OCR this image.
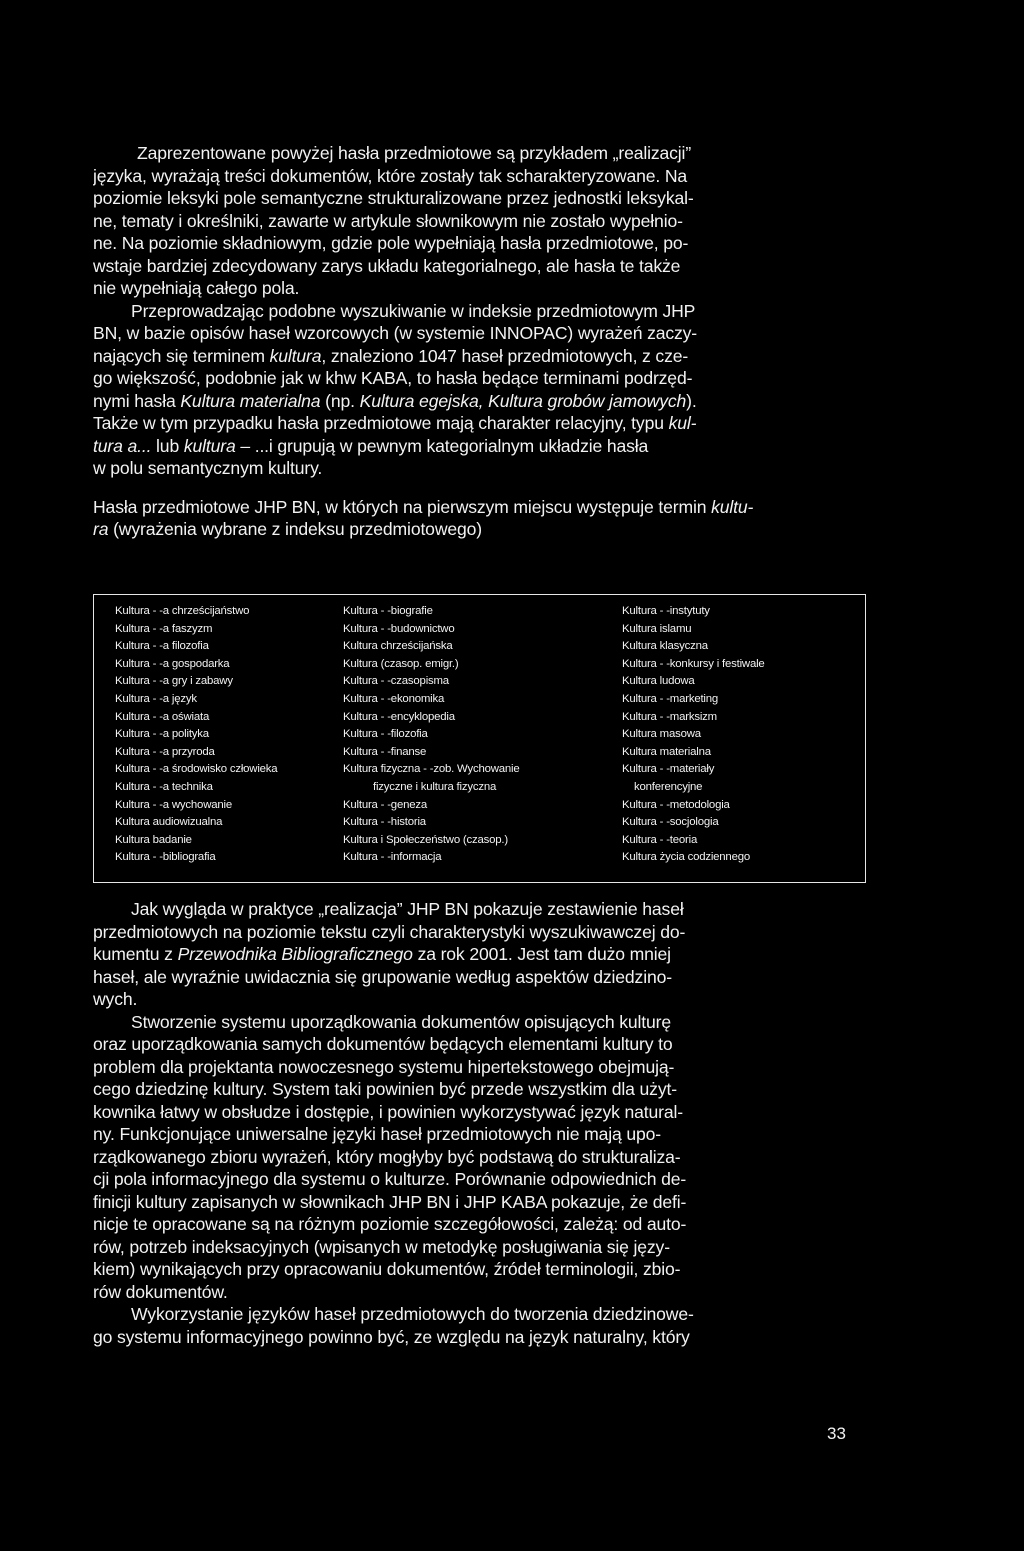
Zaprezentowane powyżej hasła przedmiotowe są przykładem „realizacji”
języka, wyrażają treści dokumentów, które zostały tak scharakteryzowane. Na
poziomie leksyki pole semantyczne strukturalizowane przez jednostki leksykal-
ne, tematy i określniki, zawarte w artykule słownikowym nie zostało wypełnio-
ne. Na poziomie składniowym, gdzie pole wypełniają hasła przedmiotowe, po-
wstaje bardziej zdecydowany zarys układu kategorialnego, ale hasła te także
nie wypełniają całego pola.

Przeprowadzając podobne wyszukiwanie w indeksie przedmiotowym JHP
BN, w bazie opisów haseł wzorcowych (w systemie INNOPAC) wyrażeń zaczy-
nających się terminem kultura, znaleziono 1047 haseł przedmiotowych, z cze-
go większość, podobnie jak w khw KABA, to hasła będące terminami podrzęd-
nymi hasła Kultura materialna (np. Kultura egejska, Kultura grobów jamowych).
Także w tym przypadku hasła przedmiotowe mają charakter relacyjny, typu kul-
tura a... lub kultura – ...i grupują w pewnym kategorialnym układzie hasła
w polu semantycznym kultury.

Hasła przedmiotowe JHP BN, w których na pierwszym miejscu występuje termin kultu-
ra (wyrażenia wybrane z indeksu przedmiotowego)

Kultura - -a chrześcijaństwo
Kultura - -a faszyzm
Kultura - -a filozofia
Kultura - -a gospodarka
Kultura - -a gry i zabawy
Kultura - -a język
Kultura - -a oświata
Kultura - -a polityka
Kultura - -a przyroda
Kultura - -a środowisko człowieka
Kultura - -a technika
Kultura - -a wychowanie
Kultura audiowizualna
Kultura badanie
Kultura - -bibliografia
Kultura - -biografie
Kultura - -budownictwo
Kultura chrześcijańska
Kultura (czasop. emigr.)
Kultura - -czasopisma
Kultura - -ekonomika
Kultura - -encyklopedia
Kultura - -filozofia
Kultura - -finanse
Kultura fizyczna - -zob. Wychowanie
fizyczne i kultura fizyczna
Kultura - -geneza
Kultura - -historia
Kultura i Społeczeństwo (czasop.)
Kultura - -informacja
Kultura - -instytuty
Kultura islamu
Kultura klasyczna
Kultura - -konkursy i festiwale
Kultura ludowa
Kultura - -marketing
Kultura - -marksizm
Kultura masowa
Kultura materialna
Kultura - -materiały
konferencyjne
Kultura - -metodologia
Kultura - -socjologia
Kultura - -teoria
Kultura życia codziennego

Jak wygląda w praktyce „realizacja” JHP BN pokazuje zestawienie haseł
przedmiotowych na poziomie tekstu czyli charakterystyki wyszukiwawczej do-
kumentu z Przewodnika Bibliograficznego za rok 2001. Jest tam dużo mniej
haseł, ale wyraźnie uwidacznia się grupowanie według aspektów dziedzino-
wych.

Stworzenie systemu uporządkowania dokumentów opisujących kulturę
oraz uporządkowania samych dokumentów będących elementami kultury to
problem dla projektanta nowoczesnego systemu hipertekstowego obejmują-
cego dziedzinę kultury. System taki powinien być przede wszystkim dla użyt-
kownika łatwy w obsłudze i dostępie, i powinien wykorzystywać język natural-
ny. Funkcjonujące uniwersalne języki haseł przedmiotowych nie mają upo-
rządkowanego zbioru wyrażeń, który mogłyby być podstawą do strukturaliza-
cji pola informacyjnego dla systemu o kulturze. Porównanie odpowiednich de-
finicji kultury zapisanych w słownikach JHP BN i JHP KABA pokazuje, że defi-
nicje te opracowane są na różnym poziomie szczegółowości, zależą: od auto-
rów, potrzeb indeksacyjnych (wpisanych w metodykę posługiwania się języ-
kiem) wynikających przy opracowaniu dokumentów, źródeł terminologii, zbio-
rów dokumentów.

Wykorzystanie języków haseł przedmiotowych do tworzenia dziedzinowe-
go systemu informacyjnego powinno być, ze względu na język naturalny, który

33
